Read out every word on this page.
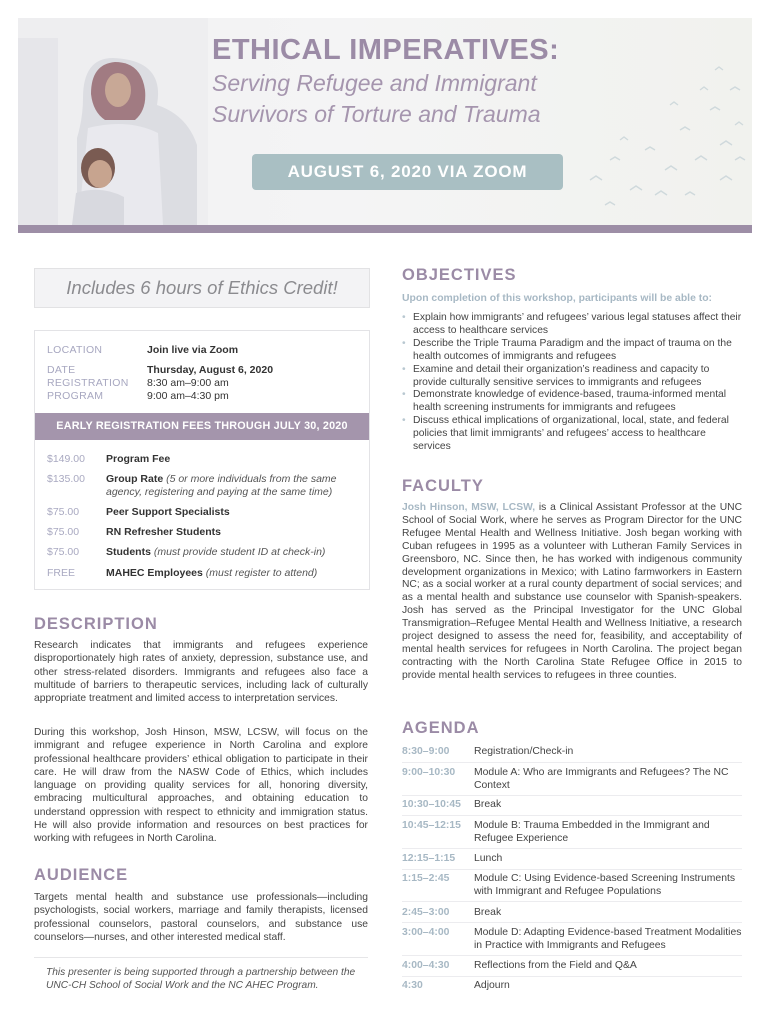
ETHICAL IMPERATIVES:
Serving Refugee and Immigrant
Survivors of Torture and Trauma
AUGUST 6, 2020 VIA ZOOM
Includes 6 hours of Ethics Credit!
LOCATION	Join live via Zoom
DATE	Thursday, August 6, 2020
REGISTRATION 8:30 am–9:00 am
PROGRAM	9:00 am–4:30 pm
EARLY REGISTRATION FEES THROUGH JULY 30, 2020
$149.00 Program Fee
$135.00 Group Rate (5 or more individuals from the same agency, registering and paying at the same time)
$75.00	Peer Support Specialists
$75.00	RN Refresher Students
$75.00	Students (must provide student ID at check-in)
FREE	MAHEC Employees (must register to attend)
DESCRIPTION
Research indicates that immigrants and refugees experience disproportionately high rates of anxiety, depression, substance use, and other stress-related disorders. Immigrants and refugees also face a multitude of barriers to therapeutic services, including lack of culturally appropriate treatment and limited access to interpretation services.
During this workshop, Josh Hinson, MSW, LCSW, will focus on the immigrant and refugee experience in North Carolina and explore professional healthcare providers’ ethical obligation to participate in their care. He will draw from the NASW Code of Ethics, which includes language on providing quality services for all, honoring diversity, embracing multicultural approaches, and obtaining education to understand oppression with respect to ethnicity and immigration status. He will also provide information and resources on best practices for working with refugees in North Carolina.
AUDIENCE
Targets mental health and substance use professionals—including psychologists, social workers, marriage and family therapists, licensed professional counselors, pastoral counselors, and substance use counselors—nurses, and other interested medical staff.
This presenter is being supported through a partnership between the UNC-CH School of Social Work and the NC AHEC Program.
OBJECTIVES
Upon completion of this workshop, participants will be able to:
• Explain how immigrants’ and refugees’ various legal statuses affect their access to healthcare services
• Describe the Triple Trauma Paradigm and the impact of trauma on the health outcomes of immigrants and refugees
• Examine and detail their organization’s readiness and capacity to provide culturally sensitive services to immigrants and refugees
• Demonstrate knowledge of evidence-based, trauma-informed mental health screening instruments for immigrants and refugees
• Discuss ethical implications of organizational, local, state, and federal policies that limit immigrants’ and refugees’ access to healthcare services
FACULTY
Josh Hinson, MSW, LCSW, is a Clinical Assistant Professor at the UNC School of Social Work, where he serves as Program Director for the UNC Refugee Mental Health and Wellness Initiative. Josh began working with Cuban refugees in 1995 as a volunteer with Lutheran Family Services in Greensboro, NC. Since then, he has worked with indigenous community development organizations in Mexico; with Latino farmworkers in Eastern NC; as a social worker at a rural county department of social services; and as a mental health and substance use counselor with Spanish-speakers. Josh has served as the Principal Investigator for the UNC Global Transmigration–Refugee Mental Health and Wellness Initiative, a research project designed to assess the need for, feasibility, and acceptability of mental health services for refugees in North Carolina. The project began contracting with the North Carolina State Refugee Office in 2015 to provide mental health services to refugees in three counties.
AGENDA
8:30–9:00 Registration/Check-in
9:00–10:30 Module A: Who are Immigrants and Refugees? The NC Context
10:30–10:45 Break
10:45–12:15 Module B: Trauma Embedded in the Immigrant and Refugee Experience
12:15–1:15 Lunch
1:15–2:45 Module C: Using Evidence-based Screening Instruments with Immigrant and Refugee Populations
2:45–3:00 Break
3:00–4:00 Module D: Adapting Evidence-based Treatment Modalities in Practice with Immigrants and Refugees
4:00–4:30 Reflections from the Field and Q&A
4:30	Adjourn
